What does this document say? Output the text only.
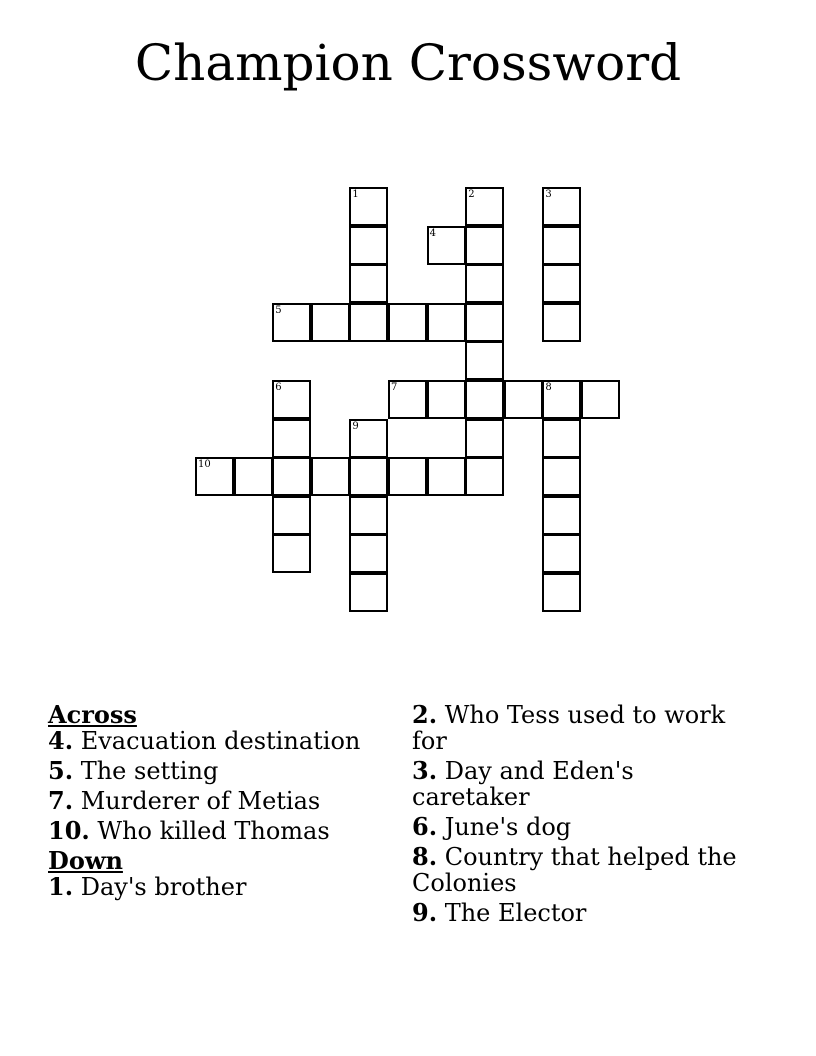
Champion Crossword
1	2	3
4
5
6	7	8
9
10

Across

4. Evacuation destination

5. The setting

7. Murderer of Metias

10. Who killed Thomas

Down

1. Day's brother

2. Who Tess used to work for

3. Day and Eden's caretaker

6. June's dog

8. Country that helped the Colonies

9. The Elector
